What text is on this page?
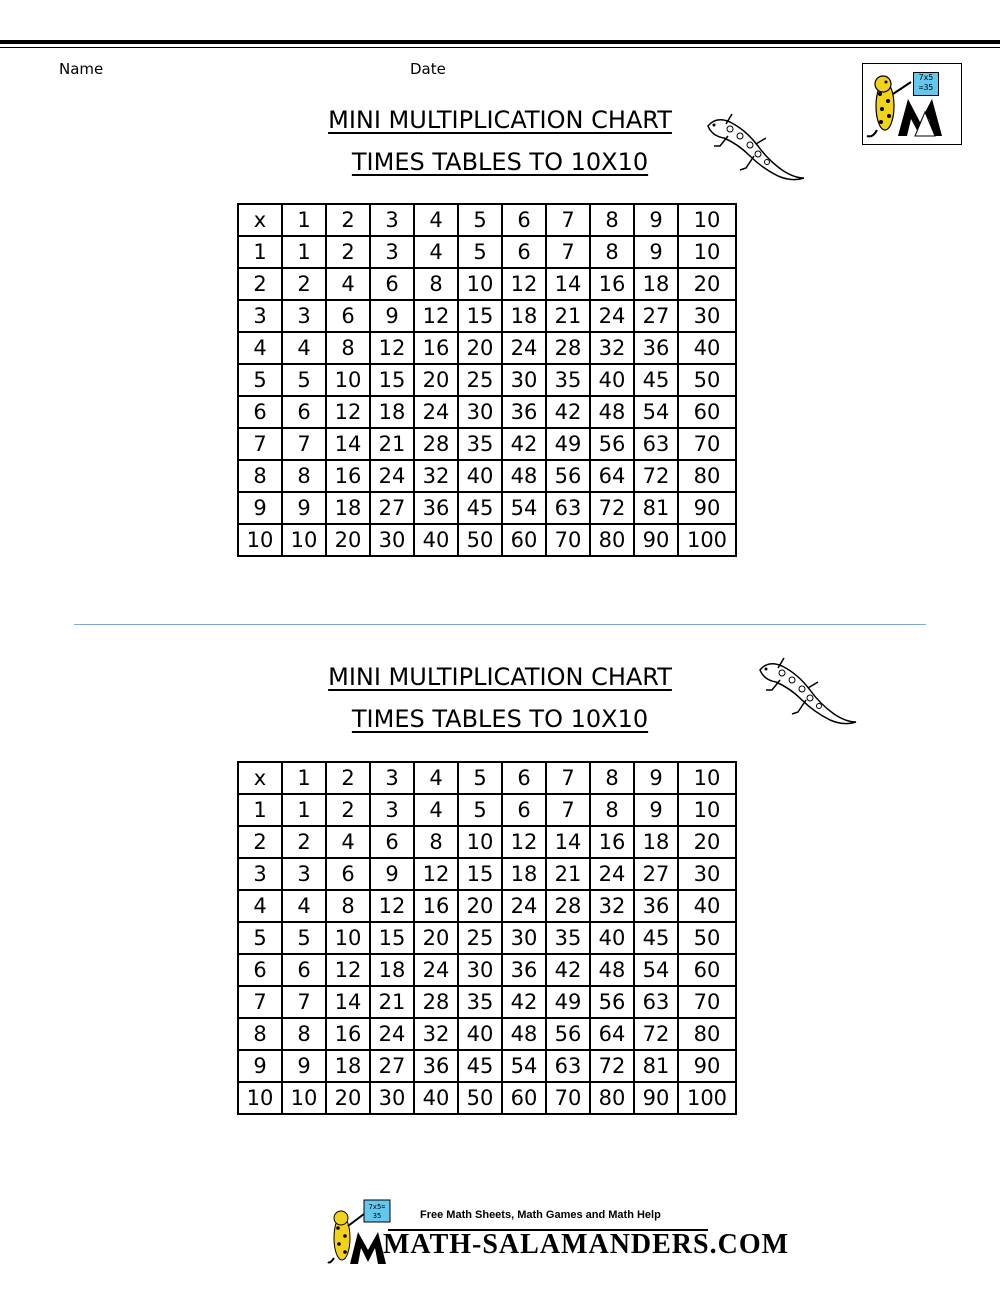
Name	Date	7x5
=35
MINI MULTIPLICATION CHART
TIMES TABLES TO 10X10
x	1	2	3	4	5	6	7	8	9	10
1	1	2	3	4	5	6	7	8	9	10
2	2	4	6	8	10	12	14	16	18	20
3	3	6	9	12	15	18	21	24	27	30
4	4	8	12	16	20	24	28	32	36	40
5	5	10	15	20	25	30	35	40	45	50
6	6	12	18	24	30	36	42	48	54	60
7	7	14	21	28	35	42	49	56	63	70
8	8	16	24	32	40	48	56	64	72	80
9	9	18	27	36	45	54	63	72	81	90
10	10	20	30	40	50	60	70	80	90	100
MINI MULTIPLICATION CHART
TIMES TABLES TO 10X10
x	1	2	3	4	5	6	7	8	9	10
1	1	2	3	4	5	6	7	8	9	10
2	2	4	6	8	10	12	14	16	18	20
3	3	6	9	12	15	18	21	24	27	30
4	4	8	12	16	20	24	28	32	36	40
5	5	10	15	20	25	30	35	40	45	50
6	6	12	18	24	30	36	42	48	54	60
7	7	14	21	28	35	42	49	56	63	70
8	8	16	24	32	40	48	56	64	72	80
9	9	18	27	36	45	54	63	72	81	90
10	10	20	30	40	50	60	70	80	90	100
7x5=
35	Free Math Sheets, Math Games and Math Help
MATH-SALAMANDERS.COM
